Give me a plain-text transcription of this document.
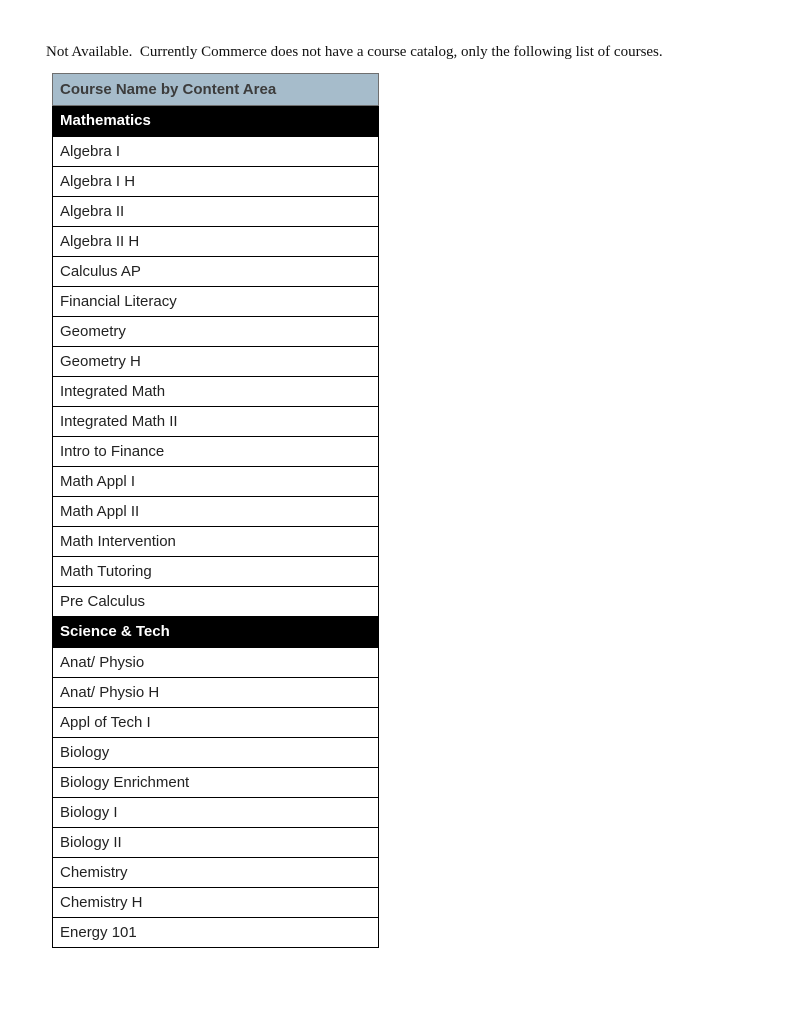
Not Available.  Currently Commerce does not have a course catalog, only the following list of courses.
Course Name by Content Area
Mathematics
Algebra I
Algebra I H
Algebra II
Algebra II H
Calculus AP
Financial Literacy
Geometry
Geometry H
Integrated Math
Integrated Math II
Intro to Finance
Math Appl I
Math Appl II
Math Intervention
Math Tutoring
Pre Calculus
Science & Tech
Anat/ Physio
Anat/ Physio H
Appl of Tech I
Biology
Biology Enrichment
Biology I
Biology II
Chemistry
Chemistry H
Energy 101
